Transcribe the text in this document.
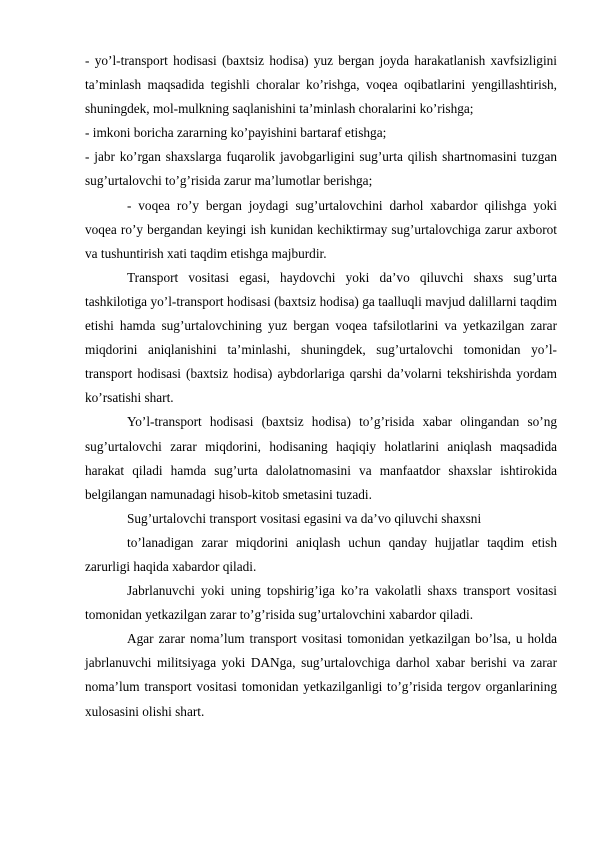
- yo’l-transport hodisasi (baxtsiz hodisa) yuz bergan joyda harakatlanish xavfsizligini ta’minlash maqsadida tegishli choralar ko’rishga, voqea oqibatlarini yengillashtirish, shuningdek, mol-mulkning saqlanishini ta’minlash choralarini ko’rishga;

- imkoni boricha zararning ko’payishini bartaraf etishga;

- jabr ko’rgan shaxslarga fuqarolik javobgarligini sug’urta qilish shartnomasini tuzgan sug’urtalovchi to’g’risida zarur ma’lumotlar berishga;

- voqea ro’y bergan joydagi sug’urtalovchini darhol xabardor qilishga yoki voqea ro’y bergandan keyingi ish kunidan kechiktirmay sug’urtalovchiga zarur axborot va tushuntirish xati taqdim etishga majburdir.

Transport vositasi egasi, haydovchi yoki da’vo qiluvchi shaxs sug’urta tashkilotiga yo’l-transport hodisasi (baxtsiz hodisa) ga taalluqli mavjud dalillarni taqdim etishi hamda sug’urtalovchining yuz bergan voqea tafsilotlarini va yetkazilgan zarar miqdorini aniqlanishini ta’minlashi, shuningdek, sug’urtalovchi tomonidan yo’l-transport hodisasi (baxtsiz hodisa) aybdorlariga qarshi da’volarni tekshirishda yordam ko’rsatishi shart.

Yo’l-transport hodisasi (baxtsiz hodisa) to’g’risida xabar olingandan so’ng sug’urtalovchi zarar miqdorini, hodisaning haqiqiy holatlarini aniqlash maqsadida harakat qiladi hamda sug’urta dalolatnomasini va manfaatdor shaxslar ishtirokida belgilangan namunadagi hisob-kitob smetasini tuzadi.

Sug’urtalovchi transport vositasi egasini va da’vo qiluvchi shaxsni

to’lanadigan zarar miqdorini aniqlash uchun qanday hujjatlar taqdim etish zarurligi haqida xabardor qiladi.

Jabrlanuvchi yoki uning topshirig’iga ko’ra vakolatli shaxs transport vositasi tomonidan yetkazilgan zarar to’g’risida sug’urtalovchini xabardor qiladi.

Agar zarar noma’lum transport vositasi tomonidan yetkazilgan bo’lsa, u holda jabrlanuvchi militsiyaga yoki DANga, sug’urtalovchiga darhol xabar berishi va zarar noma’lum transport vositasi tomonidan yetkazilganligi to’g’risida tergov organlarining xulosasini olishi shart.
